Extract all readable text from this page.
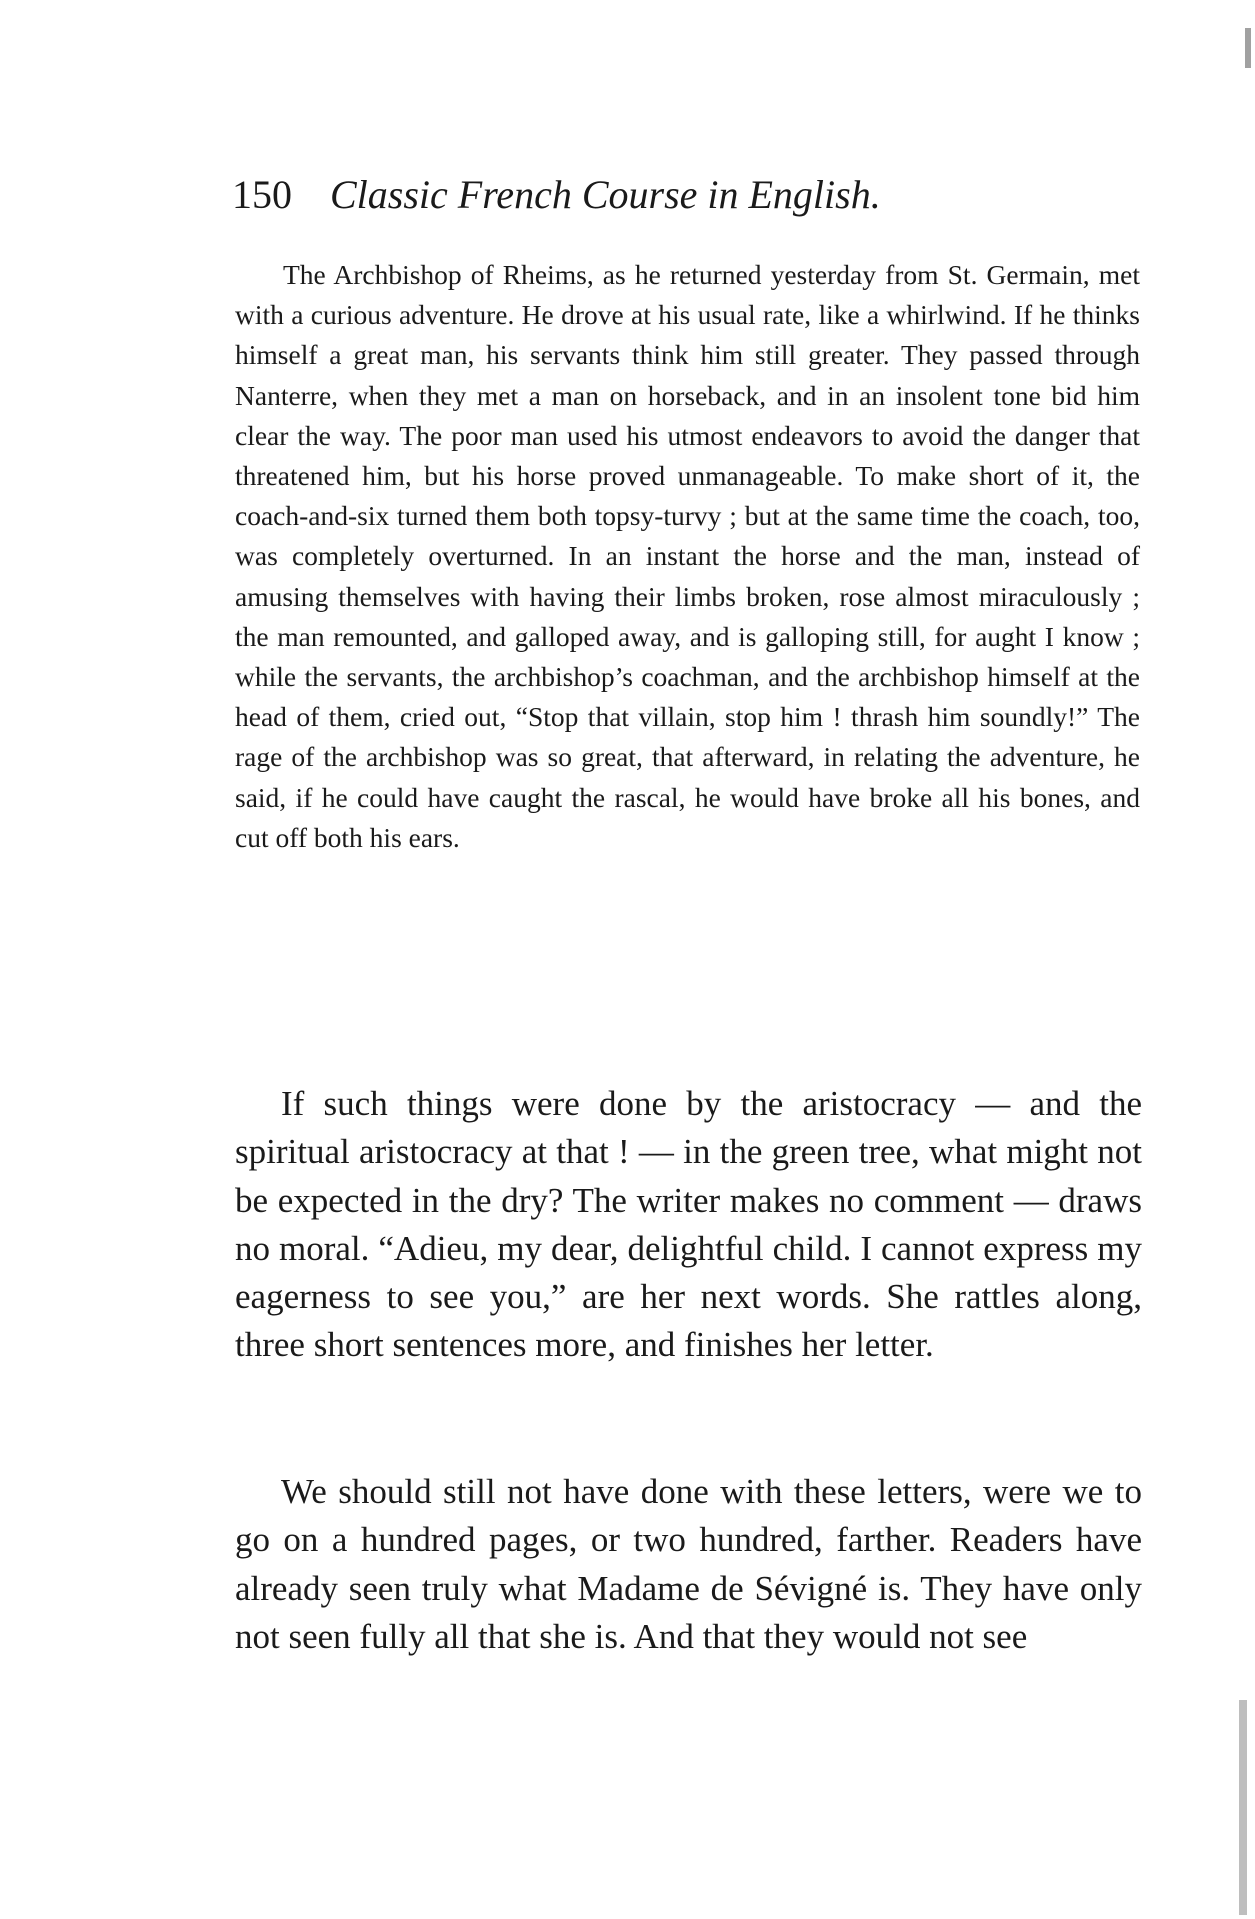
150 Classic French Course in English.

The Archbishop of Rheims, as he returned yesterday from St. Germain, met with a curious adventure. He drove at his usual rate, like a whirlwind. If he thinks himself a great man, his servants think him still greater. They passed through Nanterre, when they met a man on horseback, and in an insolent tone bid him clear the way. The poor man used his utmost endeavors to avoid the danger that threatened him, but his horse proved unmanageable. To make short of it, the coach-and-six turned them both topsy-turvy ; but at the same time the coach, too, was completely overturned. In an instant the horse and the man, instead of amusing themselves with having their limbs broken, rose almost miraculously ; the man remounted, and galloped away, and is galloping still, for aught I know ; while the servants, the archbishop’s coachman, and the archbishop himself at the head of them, cried out, “Stop that villain, stop him ! thrash him soundly!” The rage of the archbishop was so great, that afterward, in relating the adventure, he said, if he could have caught the rascal, he would have broke all his bones, and cut off both his ears.

If such things were done by the aristocracy — and the spiritual aristocracy at that ! — in the green tree, what might not be expected in the dry? The writer makes no comment — draws no moral. “Adieu, my dear, delightful child. I cannot express my eagerness to see you,” are her next words. She rattles along, three short sentences more, and finishes her letter.

We should still not have done with these letters, were we to go on a hundred pages, or two hundred, farther. Readers have already seen truly what Madame de Sévigné is. They have only not seen fully all that she is. And that they would not see
